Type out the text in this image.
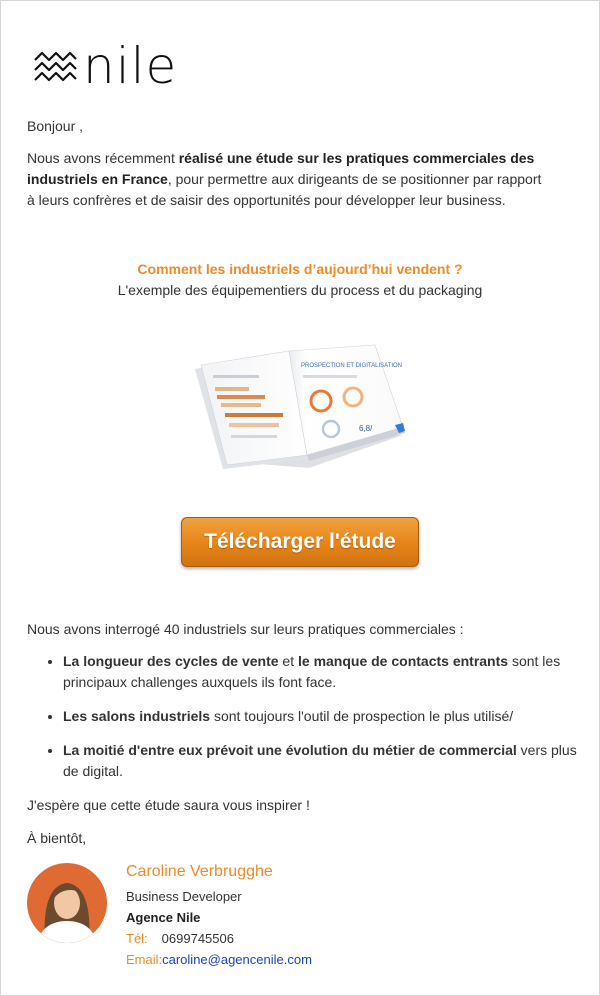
nile
Bonjour ,
Nous avons récemment réalisé une étude sur les pratiques commerciales des industriels en France, pour permettre aux dirigeants de se positionner par rapport à leurs confrères et de saisir des opportunités pour développer leur business.
Comment les industriels d’aujourd’hui vendent ?
L'exemple des équipementiers du process et du packaging
PROSPECTION ET DIGITALISATION
6,8/
Télécharger l'étude
Nous avons interrogé 40 industriels sur leurs pratiques commerciales :
• La longueur des cycles de vente et le manque de contacts entrants sont les principaux challenges auxquels ils font face.
• Les salons industriels sont toujours l'outil de prospection le plus utilisé/
• La moitié d'entre eux prévoit une évolution du métier de commercial vers plus de digital.
J'espère que cette étude saura vous inspirer !
À bientôt,
Caroline Verbrugghe
Business Developer
Agence Nile
Tél: 0699745506
Email:caroline@agencenile.com
